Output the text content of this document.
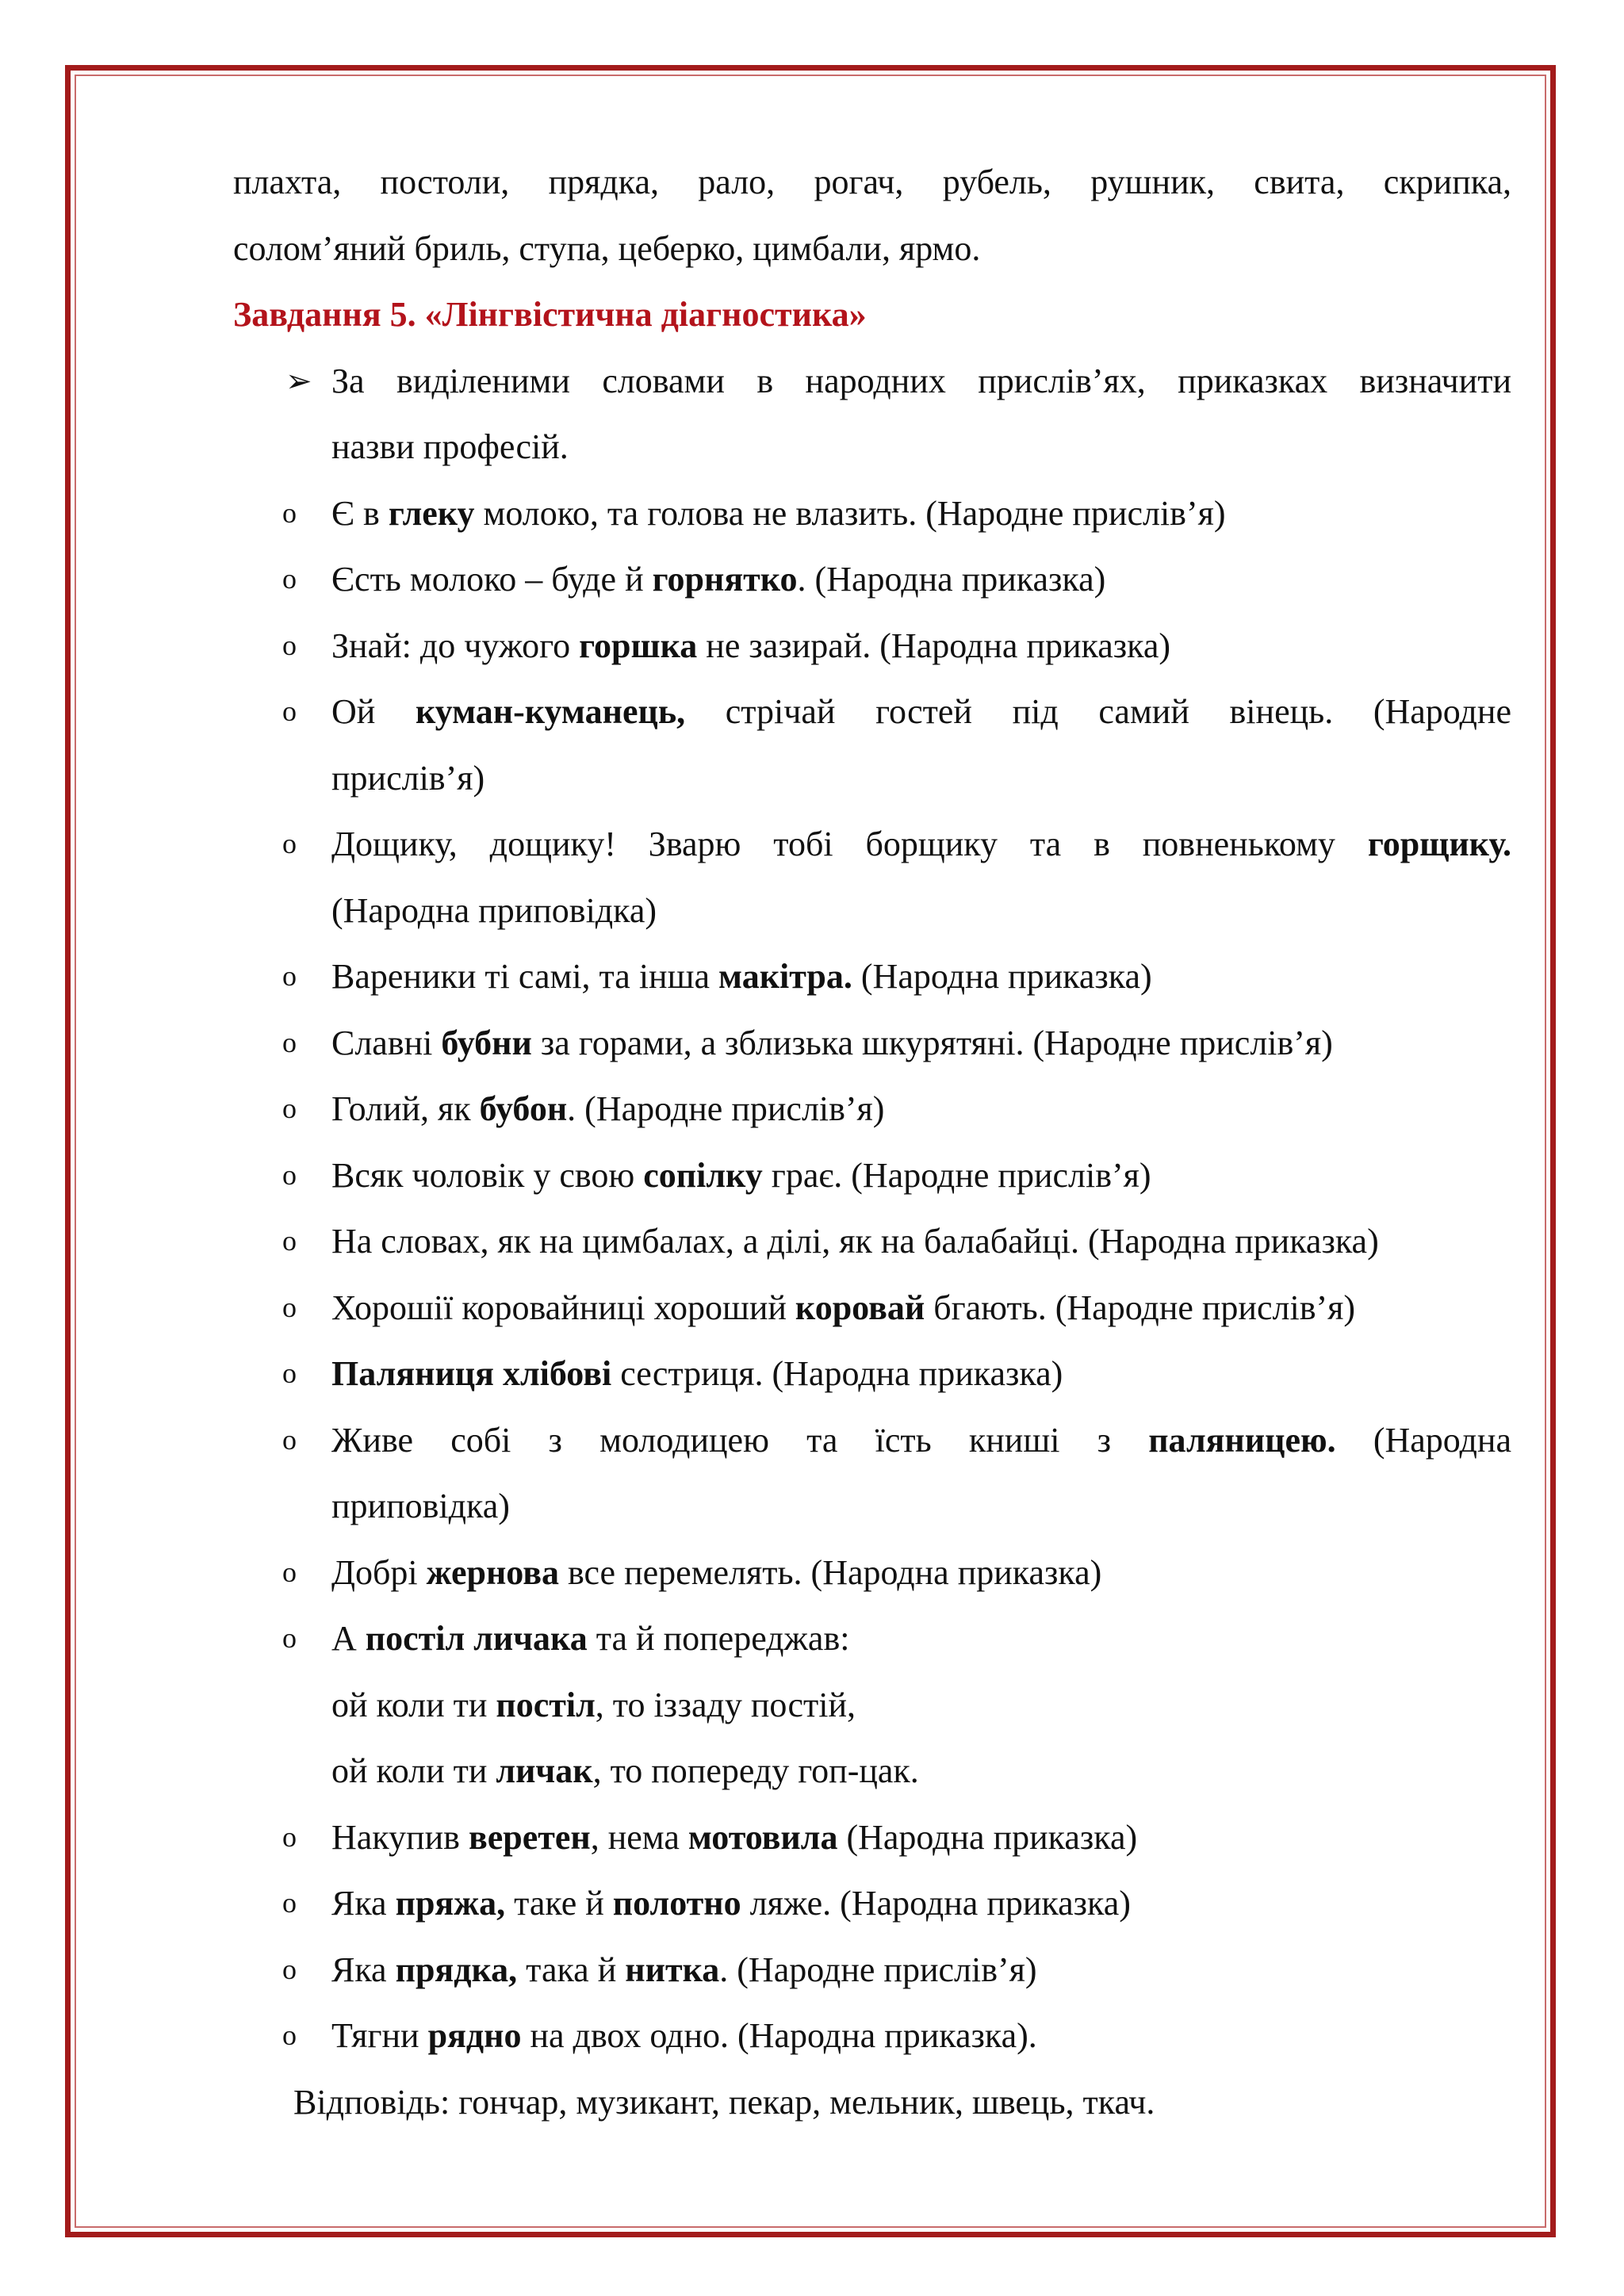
плахта, постоли, прядка, рало, рогач, рубель, рушник, свита, скрипка,

солом’яний бриль, ступа, цеберко, цимбали, ярмо.

Завдання 5. «Лінгвістична діагностика»

➢ За виділеними словами в народних прислів’ях, приказках визначити
назви професій.
o Є в глеку молоко, та голова не влазить. (Народне прислів’я)
o Єсть молоко – буде й горнятко. (Народна приказка)
o Знай: до чужого горшка не зазирай. (Народна приказка)
o Ой куман-куманець, стрічай гостей під самий вінець. (Народне
прислів’я)
o Дощику, дощику! Зварю тобі борщику та в повненькому горщику.
(Народна приповідка)
o Вареники ті самі, та інша макітра. (Народна приказка)
o Славні бубни за горами, а зблизька шкурятяні. (Народне прислів’я)
o Голий, як бубон. (Народне прислів’я)
o Всяк чоловік у свою сопілку грає. (Народне прислів’я)
o На словах, як на цимбалах, а ділі, як на балабайці. (Народна приказка)
o Хорошії коровайниці хороший коровай бгають. (Народне прислів’я)
o Паляниця хлібові сестриця. (Народна приказка)
o Живе собі з молодицею та їсть книші з паляницею. (Народна
приповідка)
o Добрі жернова все перемелять. (Народна приказка)
o А постіл личака та й попереджав:
ой коли ти постіл, то іззаду постій,
ой коли ти личак, то попереду гоп-цак.
o Накупив веретен, нема мотовила (Народна приказка)
o Яка пряжа, таке й полотно ляже. (Народна приказка)
o Яка прядка, така й нитка. (Народне прислів’я)
o Тягни рядно на двох одно. (Народна приказка).

Відповідь: гончар, музикант, пекар, мельник, швець, ткач.
